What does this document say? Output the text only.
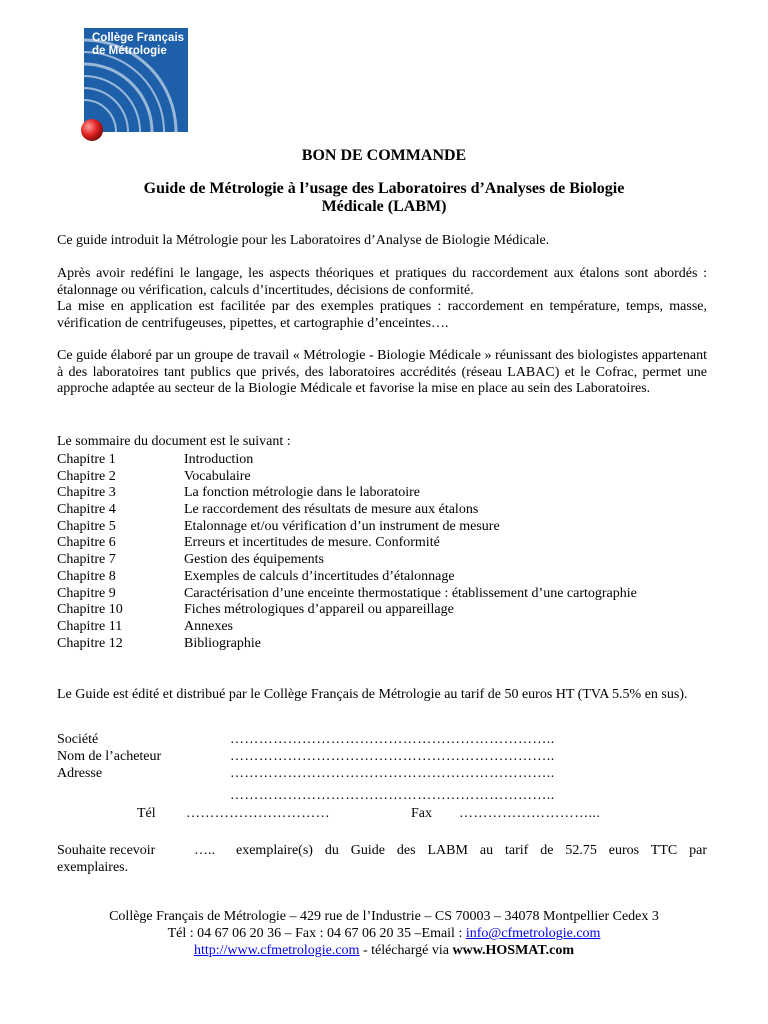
Collège Français
de Métrologie
BON DE COMMANDE
Guide de Métrologie à l’usage des Laboratoires d’Analyses de Biologie
Médicale (LABM)
Ce guide introduit la Métrologie pour les Laboratoires d’Analyse de Biologie Médicale.
Après avoir redéfini le langage, les aspects théoriques et pratiques du raccordement aux étalons sont abordés : étalonnage ou vérification, calculs d’incertitudes, décisions de conformité.
La mise en application est facilitée par des exemples pratiques : raccordement en température, temps, masse, vérification de centrifugeuses, pipettes, et cartographie d’enceintes….
Ce guide élaboré par un groupe de travail « Métrologie - Biologie Médicale » réunissant des biologistes appartenant à des laboratoires tant publics que privés, des laboratoires accrédités (réseau LABAC) et le Cofrac, permet une approche adaptée au secteur de la Biologie Médicale et favorise la mise en place au sein des Laboratoires.
Le sommaire du document est le suivant :
Chapitre 1	Introduction
Chapitre 2	Vocabulaire
Chapitre 3	La fonction métrologie dans le laboratoire
Chapitre 4	Le raccordement des résultats de mesure aux étalons
Chapitre 5	Etalonnage et/ou vérification d’un instrument de mesure
Chapitre 6	Erreurs et incertitudes de mesure. Conformité
Chapitre 7	Gestion des équipements
Chapitre 8	Exemples de calculs d’incertitudes d’étalonnage
Chapitre 9	Caractérisation d’une enceinte thermostatique : établissement d’une cartographie
Chapitre 10	Fiches métrologiques d’appareil ou appareillage
Chapitre 11	Annexes
Chapitre 12	Bibliographie
Le Guide est édité et distribué par le Collège Français de Métrologie au tarif de 50 euros HT (TVA 5.5% en sus).
Société	…………………………………………………………..
Nom de l’acheteur	…………………………………………………………..
Adresse	…………………………………………………………..
…………………………………………………………..
Tél …………………………	Fax ………………………...
Souhaite recevoir	….. exemplaire(s) du Guide des LABM au tarif de 52.75 euros TTC par
exemplaires.
Collège Français de Métrologie – 429 rue de l’Industrie – CS 70003 – 34078 Montpellier Cedex 3
Tél : 04 67 06 20 36 – Fax : 04 67 06 20 35 –Email : info@cfmetrologie.com
http://www.cfmetrologie.com - téléchargé via www.HOSMAT.com
